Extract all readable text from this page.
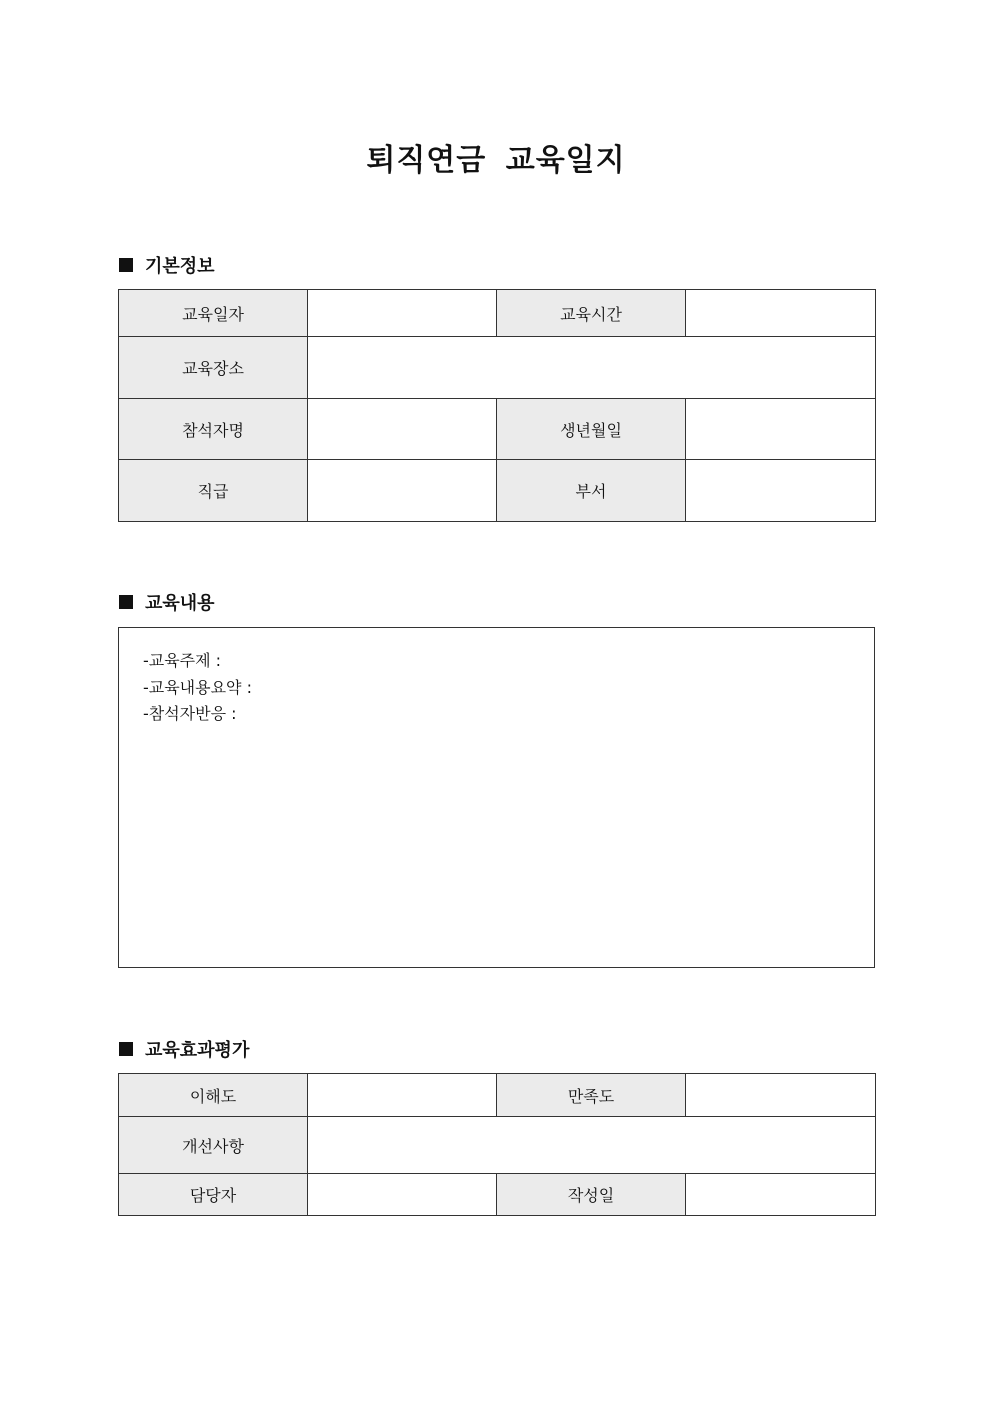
퇴직연금 교육일지
기본정보
교육일자		교육시간	
교육장소			
참석자명		생년월일	
직급		부서	
교육내용
-교육주제 :
-교육내용요약 :
-참석자반응 :
교육효과평가
이해도		만족도	
개선사항			
담당자		작성일	
